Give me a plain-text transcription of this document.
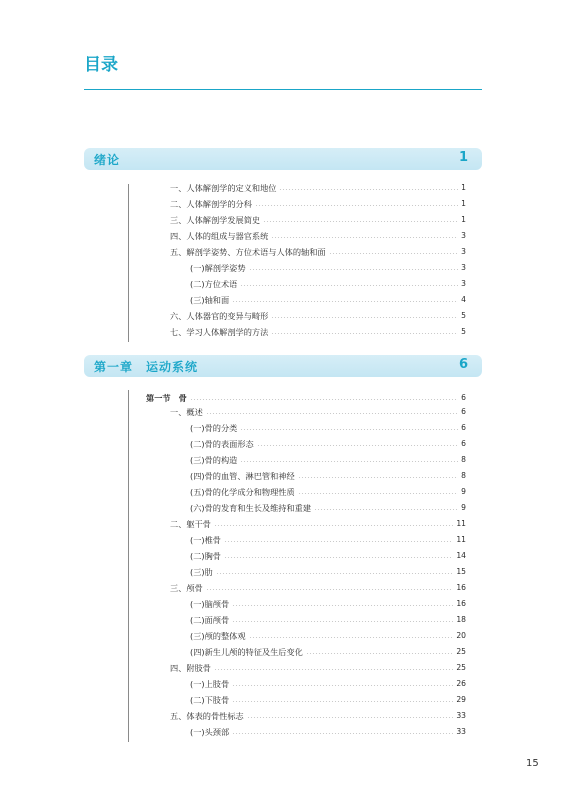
目录
绪论	1
一、 人体解剖学的定义和地位	1
二、 人体解剖学的分科	1
三、 人体解剖学发展简史	1
四、 人体的组成与器官系统	3
五、 解剖学姿势、方位术语与人体的轴和面	3
(一) 解剖学姿势	3
(二) 方位术语	3
(三) 轴和面	4
六、 人体器官的变异与畸形	5
七、 学习人体解剖学的方法	5
第一章　运动系统	6
第一节 骨	6
一、 概述	6
(一) 骨的分类	6
(二) 骨的表面形态	6
(三) 骨的构造	8
(四) 骨的血管、淋巴管和神经	8
(五) 骨的化学成分和物理性质	9
(六) 骨的发育和生长及维持和重建	9
二、 躯干骨	11
(一) 椎骨	11
(二) 胸骨	14
(三) 肋	15
三、 颅骨	16
(一) 脑颅骨	16
(二) 面颅骨	18
(三) 颅的整体观	20
(四) 新生儿颅的特征及生后变化	25
四、 附肢骨	25
(一) 上肢骨	26
(二) 下肢骨	29
五、 体表的骨性标志	33
(一) 头颈部	33
15
